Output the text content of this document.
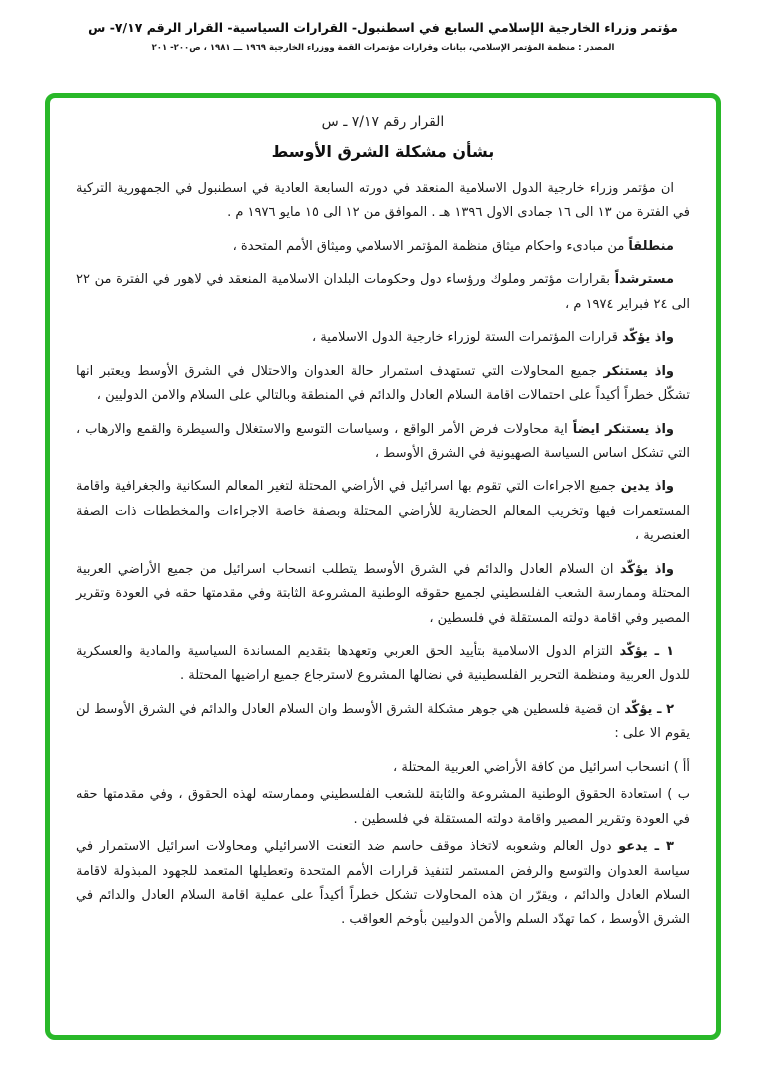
مؤتمر وزراء الخارجية الإسلامي السابع في اسطنبول- القرارات السياسية- القرار الرقم ٧/١٧- س
المصدر : منظمة المؤتمر الإسلامي، بيانات وقرارات مؤتمرات القمة ووزراء الخارجية ١٩٦٩ ـــ ١٩٨١ ، ص٢٠٠- ٢٠١
القرار رقم ٧/١٧ ـ س
بشأن مشكلة الشرق الأوسط

ان مؤتمر وزراء خارجية الدول الاسلامية المنعقد في دورته السابعة العادية في اسطنبول في الجمهورية التركية في الفترة من ١٣ الى ١٦ جمادى الاول ١٣٩٦ هـ . الموافق من ١٢ الى ١٥ مايو ١٩٧٦ م .

منطلقاً من مبادىء واحكام ميثاق منظمة المؤتمر الاسلامي وميثاق الأمم المتحدة ،

مسترشداً بقرارات مؤتمر وملوك ورؤساء دول وحكومات البلدان الاسلامية المنعقد في لاهور في الفترة من ٢٢ الى ٢٤ فبراير ١٩٧٤ م ،

واذ يؤكّد قرارات المؤتمرات الستة لوزراء خارجية الدول الاسلامية ،

واذ يستنكر جميع المحاولات التي تستهدف استمرار حالة العدوان والاحتلال في الشرق الأوسط ويعتبر انها تشكّل خطراً أكيداً على احتمالات اقامة السلام العادل والدائم في المنطقة وبالتالي على السلام والامن الدوليين ،

واذ يستنكر ايضاً اية محاولات فرض الأمر الواقع ، وسياسات التوسع والاستغلال والسيطرة والقمع والارهاب ، التي تشكل اساس السياسة الصهيونية في الشرق الأوسط ،

واذ يدين جميع الاجراءات التي تقوم بها اسرائيل في الأراضي المحتلة لتغير المعالم السكانية والجغرافية واقامة المستعمرات فيها وتخريب المعالم الحضارية للأراضي المحتلة وبصفة خاصة الاجراءات والمخططات ذات الصفة العنصرية ،

واذ يؤكّد ان السلام العادل والدائم في الشرق الأوسط يتطلب انسحاب اسرائيل من جميع الأراضي العربية المحتلة وممارسة الشعب الفلسطيني لجميع حقوقه الوطنية المشروعة الثابتة وفي مقدمتها حقه في العودة وتقرير المصير وفي اقامة دولته المستقلة في فلسطين ،

١ ـ يؤكّد التزام الدول الاسلامية بتأييد الحق العربي وتعهدها بتقديم المساندة السياسية والمادية والعسكرية للدول العربية ومنظمة التحرير الفلسطينية في نضالها المشروع لاسترجاع جميع اراضيها المحتلة .

٢ ـ يؤكّد ان قضية فلسطين هي جوهر مشكلة الشرق الأوسط وان السلام العادل والدائم في الشرق الأوسط لن يقوم الا على :

أأ ) انسحاب اسرائيل من كافة الأراضي العربية المحتلة ،

ب ) استعادة الحقوق الوطنية المشروعة والثابتة للشعب الفلسطيني وممارسته لهذه الحقوق ، وفي مقدمتها حقه في العودة وتقرير المصير واقامة دولته المستقلة في فلسطين .

٣ ـ يدعو دول العالم وشعوبه لاتخاذ موقف حاسم ضد التعنت الاسرائيلي ومحاولات اسرائيل الاستمرار في سياسة العدوان والتوسع والرفض المستمر لتنفيذ قرارات الأمم المتحدة وتعطيلها المتعمد للجهود المبذولة لاقامة السلام العادل والدائم ، ويقرّر ان هذه المحاولات تشكل خطراً أكيداً على عملية اقامة السلام العادل والدائم في الشرق الأوسط ، كما تهدّد السلم والأمن الدوليين بأوخم العواقب .
